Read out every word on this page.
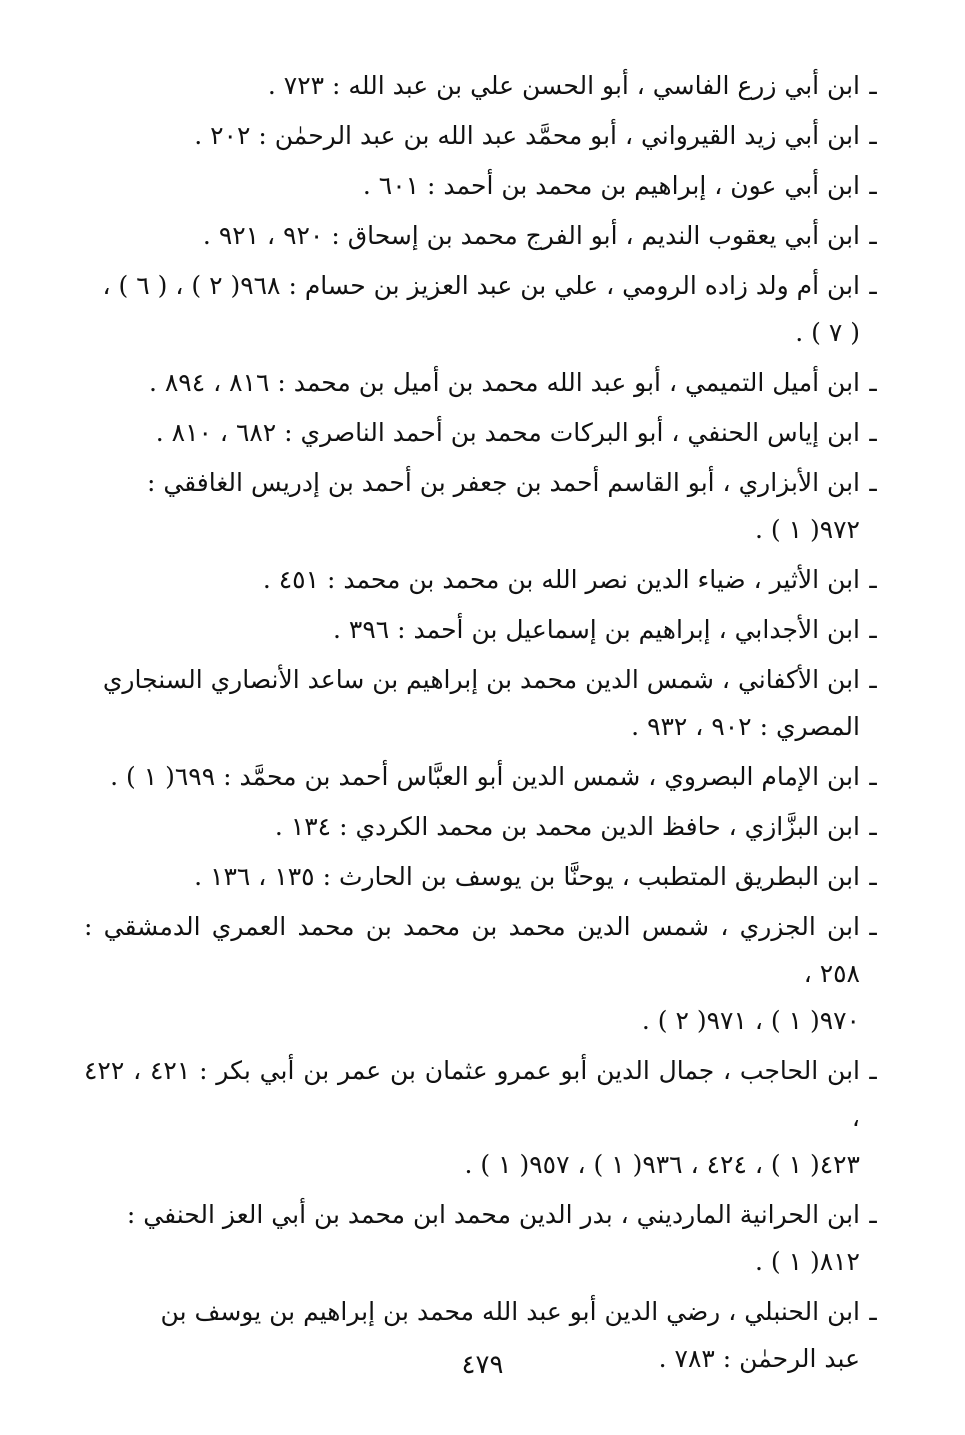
ـ
ابن أبي زرع الفاسي ، أبو الحسن علي بن عبد الله : ٧٢٣ .
ـ
ابن أبي زيد القيرواني ، أبو محمَّد عبد الله بن عبد الرحمٰن : ٢٠٢ .
ـ
ابن أبي عون ، إبراهيم بن محمد بن أحمد : ٦٠١ .
ـ
ابن أبي يعقوب النديم ، أبو الفرج محمد بن إسحاق : ٩٢٠ ، ٩٢١ .
ـ
ابن أم ولد زاده الرومي ، علي بن عبد العزيز بن حسام : ٩٦٨( ٢ ) ، ( ٦ ) ،
( ٧ ) .
ـ
ابن أميل التميمي ، أبو عبد الله محمد بن أميل بن محمد : ٨١٦ ، ٨٩٤ .
ـ
ابن إياس الحنفي ، أبو البركات محمد بن أحمد الناصري : ٦٨٢ ، ٨١٠ .
ـ
ابن الأبزاري ، أبو القاسم أحمد بن جعفر بن أحمد بن إدريس الغافقي :
٩٧٢( ١ ) .
ـ
ابن الأثير ، ضياء الدين نصر الله بن محمد بن محمد : ٤٥١ .
ـ
ابن الأجدابي ، إبراهيم بن إسماعيل بن أحمد : ٣٩٦ .
ـ
ابن الأكفاني ، شمس الدين محمد بن إبراهيم بن ساعد الأنصاري السنجاري
المصري : ٩٠٢ ، ٩٣٢ .
ـ
ابن الإمام البصروي ، شمس الدين أبو العبَّاس أحمد بن محمَّد : ٦٩٩( ١ ) .
ـ
ابن البزَّازي ، حافظ الدين محمد بن محمد الكردي : ١٣٤ .
ـ
ابن البطريق المتطبب ، يوحنَّا بن يوسف بن الحارث : ١٣٥ ، ١٣٦ .
ـ
ابن الجزري ، شمس الدين محمد بن محمد بن محمد العمري الدمشقي : ٢٥٨ ،
٩٧٠( ١ ) ، ٩٧١( ٢ ) .
ـ
ابن الحاجب ، جمال الدين أبو عمرو عثمان بن عمر بن أبي بكر : ٤٢١ ، ٤٢٢ ،
٤٢٣( ١ ) ، ٤٢٤ ، ٩٣٦( ١ ) ، ٩٥٧( ١ ) .
ـ
ابن الحرانية المارديني ، بدر الدين محمد ابن محمد بن أبي العز الحنفي :
٨١٢( ١ ) .
ـ
ابن الحنبلي ، رضي الدين أبو عبد الله محمد بن إبراهيم بن يوسف بن
عبد الرحمٰن : ٧٨٣ .
٤٧٩
